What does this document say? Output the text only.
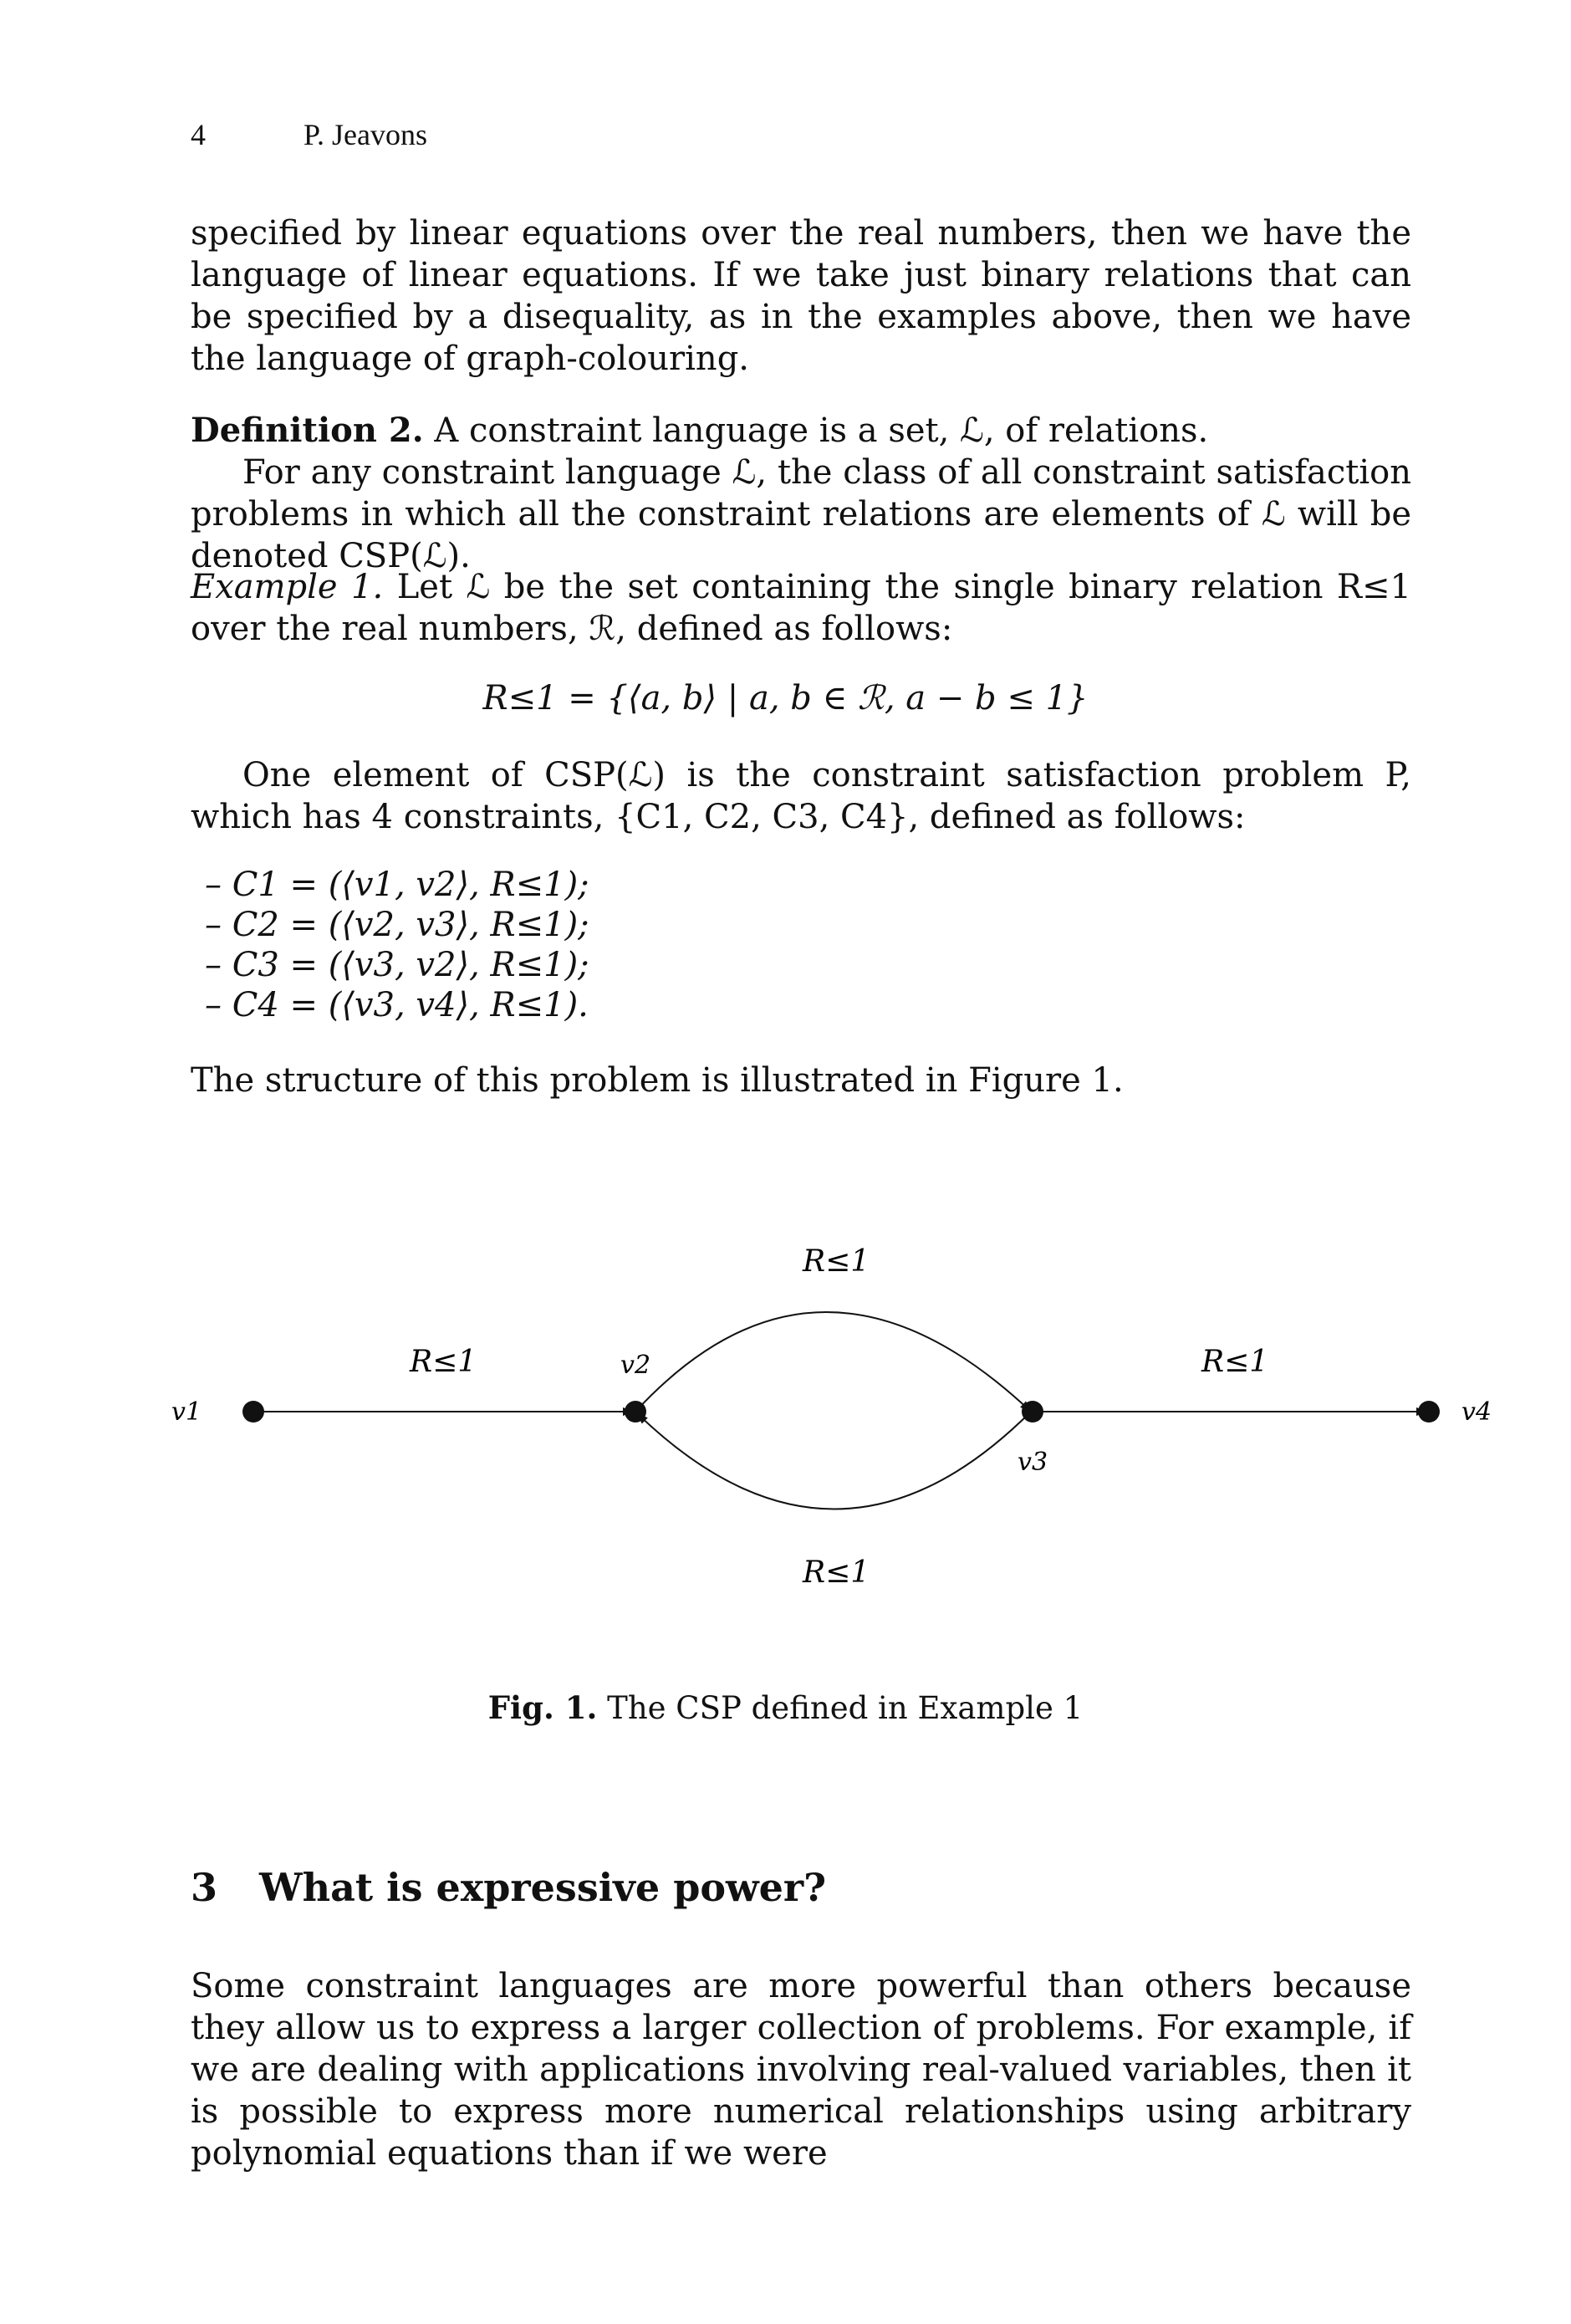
4	P. Jeavons
specified by linear equations over the real numbers, then we have the language of linear equations. If we take just binary relations that can be specified by a disequality, as in the examples above, then we have the language of graph-colouring.
Definition 2. A constraint language is a set, ℒ, of relations.
For any constraint language ℒ, the class of all constraint satisfaction problems in which all the constraint relations are elements of ℒ will be denoted CSP(ℒ).
Example 1. Let ℒ be the set containing the single binary relation R≤1 over the real numbers, ℛ, defined as follows:
R≤1 = {⟨a, b⟩ | a, b ∈ ℛ, a − b ≤ 1}
One element of CSP(ℒ) is the constraint satisfaction problem P, which has 4 constraints, {C1, C2, C3, C4}, defined as follows:
– C1 = (⟨v1, v2⟩, R≤1);
– C2 = (⟨v2, v3⟩, R≤1);
– C3 = (⟨v3, v2⟩, R≤1);
– C4 = (⟨v3, v4⟩, R≤1).
The structure of this problem is illustrated in Figure 1.
v1
v2
v3
v4
R≤1
R≤1
R≤1
R≤1
Fig. 1. The CSP defined in Example 1
3 What is expressive power?
Some constraint languages are more powerful than others because they allow us to express a larger collection of problems. For example, if we are dealing with applications involving real-valued variables, then it is possible to express more numerical relationships using arbitrary polynomial equations than if we were
